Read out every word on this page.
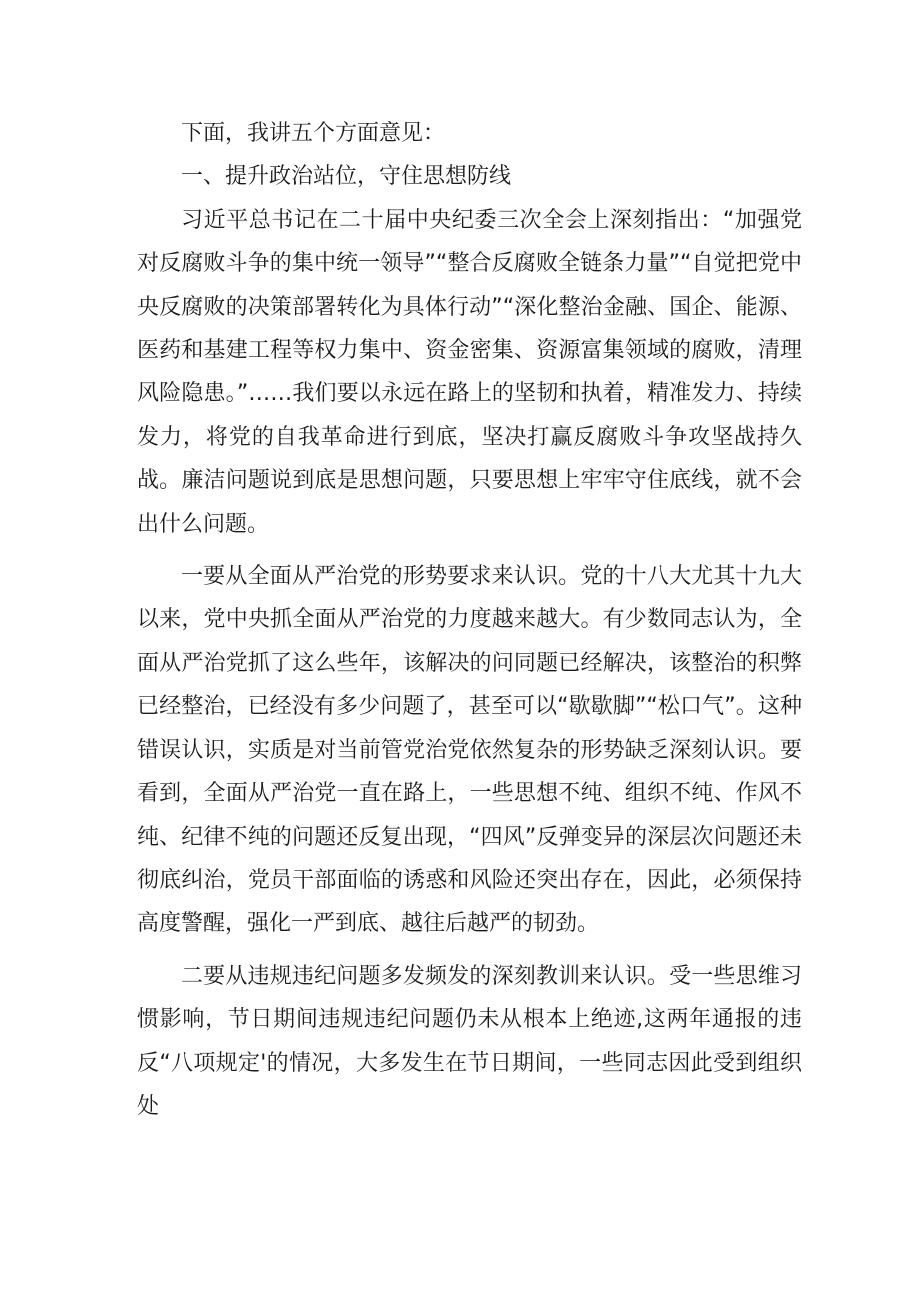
下面，我讲五个方面意见：

一、提升政治站位，守住思想防线

习近平总书记在二十届中央纪委三次全会上深刻指出：“加强党对反腐败斗争的集中统一领导”“整合反腐败全链条力量”“自觉把党中央反腐败的决策部署转化为具体行动”“深化整治金融、国企、能源、医药和基建工程等权力集中、资金密集、资源富集领域的腐败，清理风险隐患。”……我们要以永远在路上的坚韧和执着，精准发力、持续发力，将党的自我革命进行到底，坚决打赢反腐败斗争攻坚战持久战。廉洁问题说到底是思想问题，只要思想上牢牢守住底线，就不会出什么问题。

一要从全面从严治党的形势要求来认识。党的十八大尤其十九大以来，党中央抓全面从严治党的力度越来越大。有少数同志认为，全面从严治党抓了这么些年，该解决的问同题已经解决，该整治的积弊已经整治，已经没有多少问题了，甚至可以“歇歇脚”“松口气”。这种错误认识，实质是对当前管党治党依然复杂的形势缺乏深刻认识。要看到，全面从严治党一直在路上，一些思想不纯、组织不纯、作风不纯、纪律不纯的问题还反复出现，“四风”反弹变异的深层次问题还未彻底纠治，党员干部面临的诱惑和风险还突出存在，因此，必须保持高度警醒，强化一严到底、越往后越严的韧劲。

二要从违规违纪问题多发频发的深刻教训来认识。受一些思维习惯影响，节日期间违规违纪问题仍未从根本上绝迹,这两年通报的违反“八项规定'的情况，大多发生在节日期间，一些同志因此受到组织处
